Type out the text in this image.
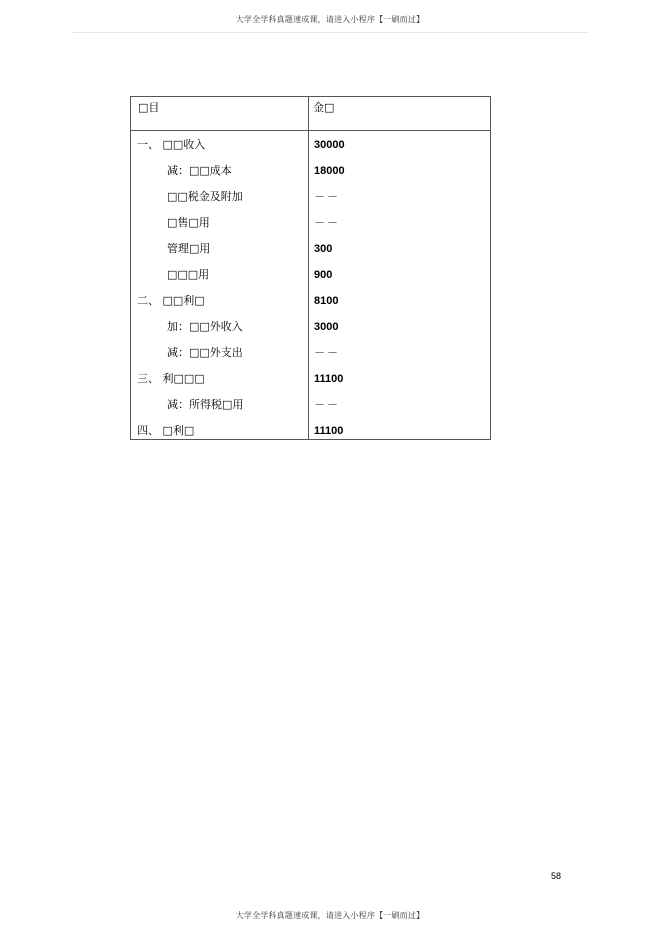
大学全学科真题速成课，请进入小程序【一刷而过】
□目	金□
一、 □□收入	30000
减：□□成本	18000
□□税金及附加	－－
□售□用	－－
管理□用	300
□□□用	900
二、 □□利□	8100
加：□□外收入	3000
减：□□外支出	－－
三、 利□□□	11100
减：所得税□用	－－
四、 □利□	11100
58
大学全学科真题速成课，请进入小程序【一刷而过】
